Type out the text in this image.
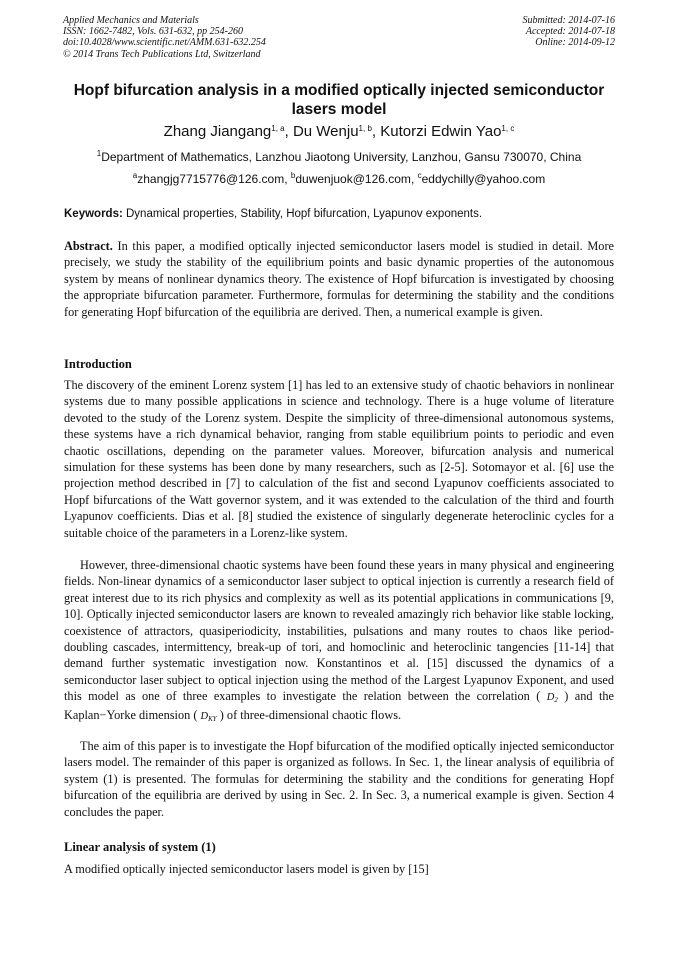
Applied Mechanics and Materials
ISSN: 1662-7482, Vols. 631-632, pp 254-260
doi:10.4028/www.scientific.net/AMM.631-632.254
© 2014 Trans Tech Publications Ltd, Switzerland
Submitted: 2014-07-16
Accepted: 2014-07-18
Online: 2014-09-12
Hopf bifurcation analysis in a modified optically injected semiconductor
lasers model
Zhang Jiangang$^{1, a}$, Du Wenju$^{1, b}$, Kutorzi Edwin Yao$^{1, c}$
$^1$Department of Mathematics, Lanzhou Jiaotong University, Lanzhou, Gansu 730070, China
$^a$zhangjg7715776@126.com, $^b$duwenjuok@126.com, $^c$eddychilly@yahoo.com
Keywords: Dynamical properties, Stability, Hopf bifurcation, Lyapunov exponents.
Abstract. In this paper, a modified optically injected semiconductor lasers model is studied in detail. More precisely, we study the stability of the equilibrium points and basic dynamic properties of the autonomous system by means of nonlinear dynamics theory. The existence of Hopf bifurcation is investigated by choosing the appropriate bifurcation parameter. Furthermore, formulas for determining the stability and the conditions for generating Hopf bifurcation of the equilibria are derived. Then, a numerical example is given.
Introduction
The discovery of the eminent Lorenz system [1] has led to an extensive study of chaotic behaviors in nonlinear systems due to many possible applications in science and technology. There is a huge volume of literature devoted to the study of the Lorenz system. Despite the simplicity of three-dimensional autonomous systems, these systems have a rich dynamical behavior, ranging from stable equilibrium points to periodic and even chaotic oscillations, depending on the parameter values. Moreover, bifurcation analysis and numerical simulation for these systems has been done by many researchers, such as [2-5]. Sotomayor et al. [6] use the projection method described in [7] to calculation of the fist and second Lyapunov coefficients associated to Hopf bifurcations of the Watt governor system, and it was extended to the calculation of the third and fourth Lyapunov coefficients. Dias et al. [8] studied the existence of singularly degenerate heteroclinic cycles for a suitable choice of the parameters in a Lorenz-like system.
However, three-dimensional chaotic systems have been found these years in many physical and engineering fields. Non-linear dynamics of a semiconductor laser subject to optical injection is currently a research field of great interest due to its rich physics and complexity as well as its potential applications in communications [9, 10]. Optically injected semiconductor lasers are known to revealed amazingly rich behavior like stable locking, coexistence of attractors, quasiperiodicity, instabilities, pulsations and many routes to chaos like period-doubling cascades, intermittency, break-up of tori, and homoclinic and heteroclinic tangencies [11-14] that demand further systematic investigation now. Konstantinos et al. [15] discussed the dynamics of a semiconductor laser subject to optical injection using the method of the Largest Lyapunov Exponent, and used this model as one of three examples to investigate the relation between the correlation ( $D_2$ ) and the Kaplan−Yorke dimension ( $D_{KY}$ ) of three-dimensional chaotic flows.
The aim of this paper is to investigate the Hopf bifurcation of the modified optically injected semiconductor lasers model. The remainder of this paper is organized as follows. In Sec. 1, the linear analysis of equilibria of system (1) is presented. The formulas for determining the stability and the conditions for generating Hopf bifurcation of the equilibria are derived by using in Sec. 2. In Sec. 3, a numerical example is given. Section 4 concludes the paper.
Linear analysis of system (1)
A modified optically injected semiconductor lasers model is given by [15]
